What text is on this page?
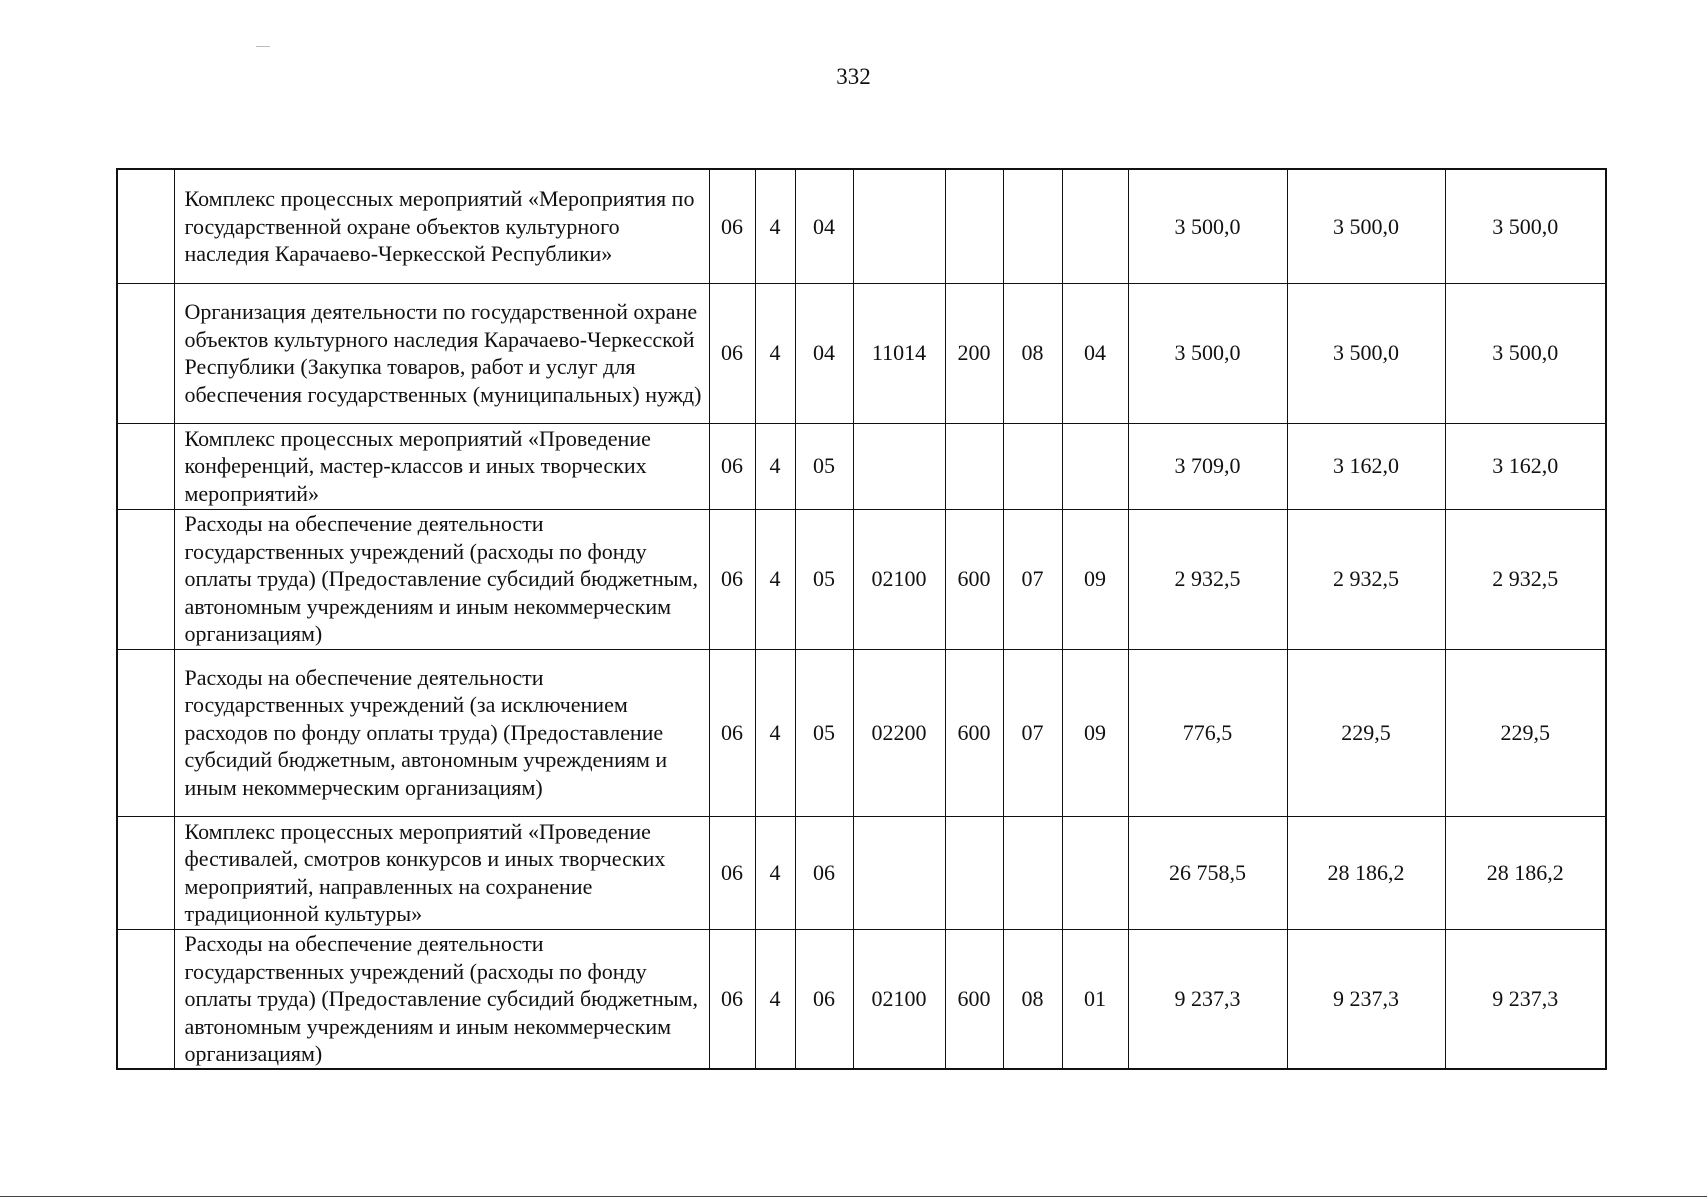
332
	Комплекс процессных мероприятий «Мероприятия по государственной охране объектов культурного наследия Карачаево-Черкесской Республики»	06	4	04					3 500,0	3 500,0	3 500,0
	Организация деятельности по государственной охране объектов культурного наследия Карачаево-Черкесской Республики (Закупка товаров, работ и услуг для обеспечения государственных (муниципальных) нужд)	06	4	04	11014	200	08	04	3 500,0	3 500,0	3 500,0
	Комплекс процессных мероприятий «Проведение конференций, мастер-классов и иных творческих мероприятий»	06	4	05					3 709,0	3 162,0	3 162,0
	Расходы на обеспечение деятельности государственных учреждений (расходы по фонду оплаты труда) (Предоставление субсидий бюджетным, автономным учреждениям и иным некоммерческим организациям)	06	4	05	02100	600	07	09	2 932,5	2 932,5	2 932,5
	Расходы на обеспечение деятельности государственных учреждений (за исключением расходов по фонду оплаты труда) (Предоставление субсидий бюджетным, автономным учреждениям и иным некоммерческим организациям)	06	4	05	02200	600	07	09	776,5	229,5	229,5
	Комплекс процессных мероприятий «Проведение фестивалей, смотров конкурсов и иных творческих мероприятий, направленных на сохранение традиционной культуры»	06	4	06					26 758,5	28 186,2	28 186,2
	Расходы на обеспечение деятельности государственных учреждений (расходы по фонду оплаты труда) (Предоставление субсидий бюджетным, автономным учреждениям и иным некоммерческим организациям)	06	4	06	02100	600	08	01	9 237,3	9 237,3	9 237,3
